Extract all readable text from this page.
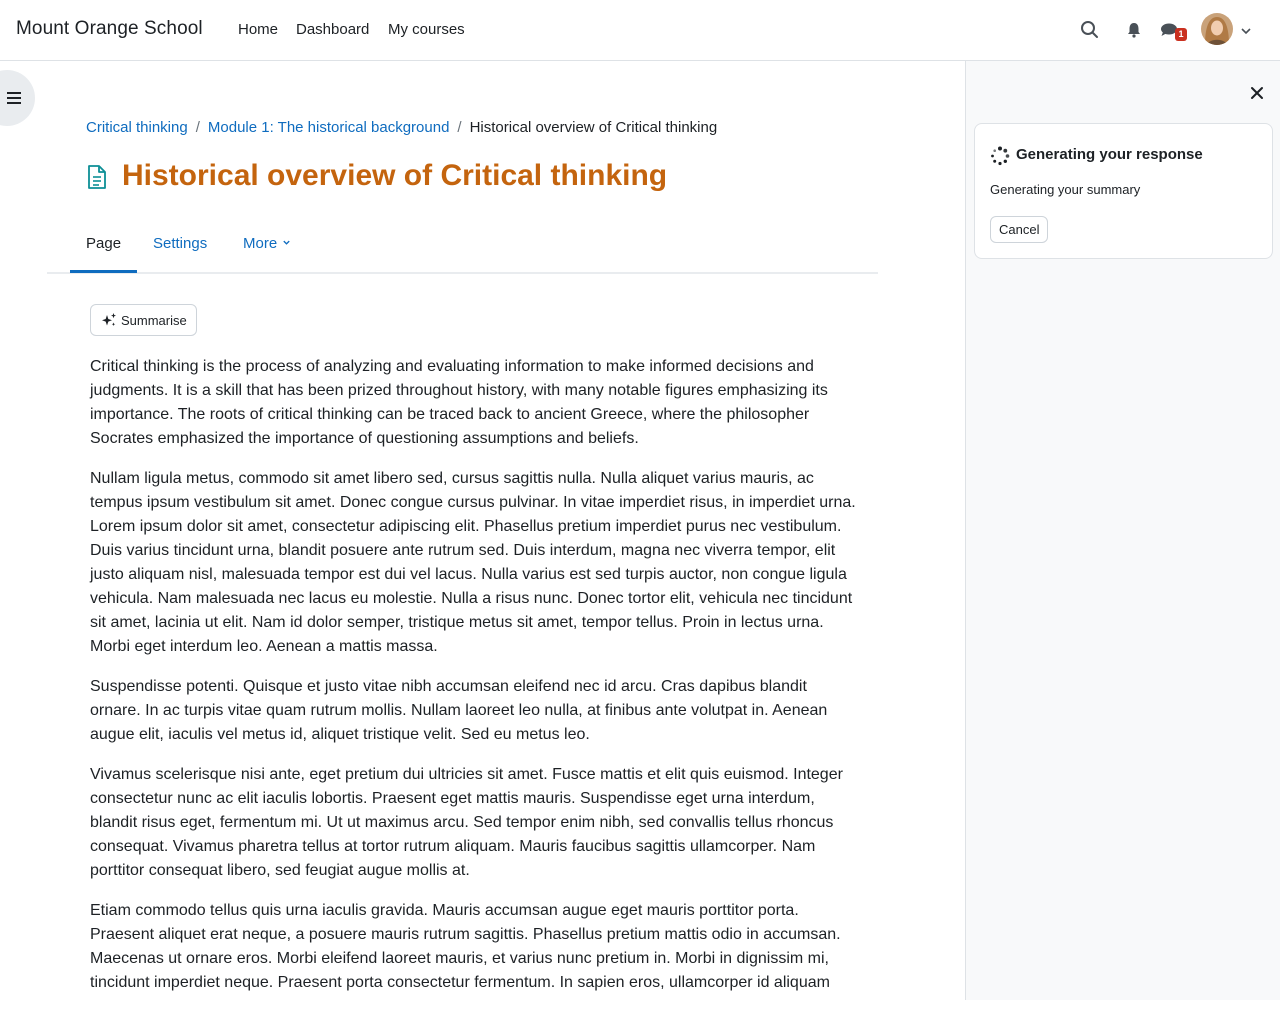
Mount Orange School Home Dashboard My courses	1
Critical thinking / Module 1: The historical background / Historical overview of Critical thinking
Historical overview of Critical thinking
Page Settings More
Summarise

Critical thinking is the process of analyzing and evaluating information to make informed decisions and judgments. It is a skill that has been prized throughout history, with many notable figures emphasizing its importance. The roots of critical thinking can be traced back to ancient Greece, where the philosopher Socrates emphasized the importance of questioning assumptions and beliefs.

Nullam ligula metus, commodo sit amet libero sed, cursus sagittis nulla. Nulla aliquet varius mauris, ac tempus ipsum vestibulum sit amet. Donec congue cursus pulvinar. In vitae imperdiet risus, in imperdiet urna. Lorem ipsum dolor sit amet, consectetur adipiscing elit. Phasellus pretium imperdiet purus nec vestibulum. Duis varius tincidunt urna, blandit posuere ante rutrum sed. Duis interdum, magna nec viverra tempor, elit justo aliquam nisl, malesuada tempor est dui vel lacus. Nulla varius est sed turpis auctor, non congue ligula vehicula. Nam malesuada nec lacus eu molestie. Nulla a risus nunc. Donec tortor elit, vehicula nec tincidunt sit amet, lacinia ut elit. Nam id dolor semper, tristique metus sit amet, tempor tellus. Proin in lectus urna. Morbi eget interdum leo. Aenean a mattis massa.

Suspendisse potenti. Quisque et justo vitae nibh accumsan eleifend nec id arcu. Cras dapibus blandit ornare. In ac turpis vitae quam rutrum mollis. Nullam laoreet leo nulla, at finibus ante volutpat in. Aenean augue elit, iaculis vel metus id, aliquet tristique velit. Sed eu metus leo.

Vivamus scelerisque nisi ante, eget pretium dui ultricies sit amet. Fusce mattis et elit quis euismod. Integer consectetur nunc ac elit iaculis lobortis. Praesent eget mattis mauris. Suspendisse eget urna interdum, blandit risus eget, fermentum mi. Ut ut maximus arcu. Sed tempor enim nibh, sed convallis tellus rhoncus consequat. Vivamus pharetra tellus at tortor rutrum aliquam. Mauris faucibus sagittis ullamcorper. Nam porttitor consequat libero, sed feugiat augue mollis at.

Etiam commodo tellus quis urna iaculis gravida. Mauris accumsan augue eget mauris porttitor porta. Praesent aliquet erat neque, a posuere mauris rutrum sagittis. Phasellus pretium mattis odio in accumsan. Maecenas ut ornare eros. Morbi eleifend laoreet mauris, et varius nunc pretium in. Morbi in dignissim mi, tincidunt imperdiet neque. Praesent porta consectetur fermentum. In sapien eros, ullamcorper id aliquam

Generating your response
Generating your summary
Cancel
